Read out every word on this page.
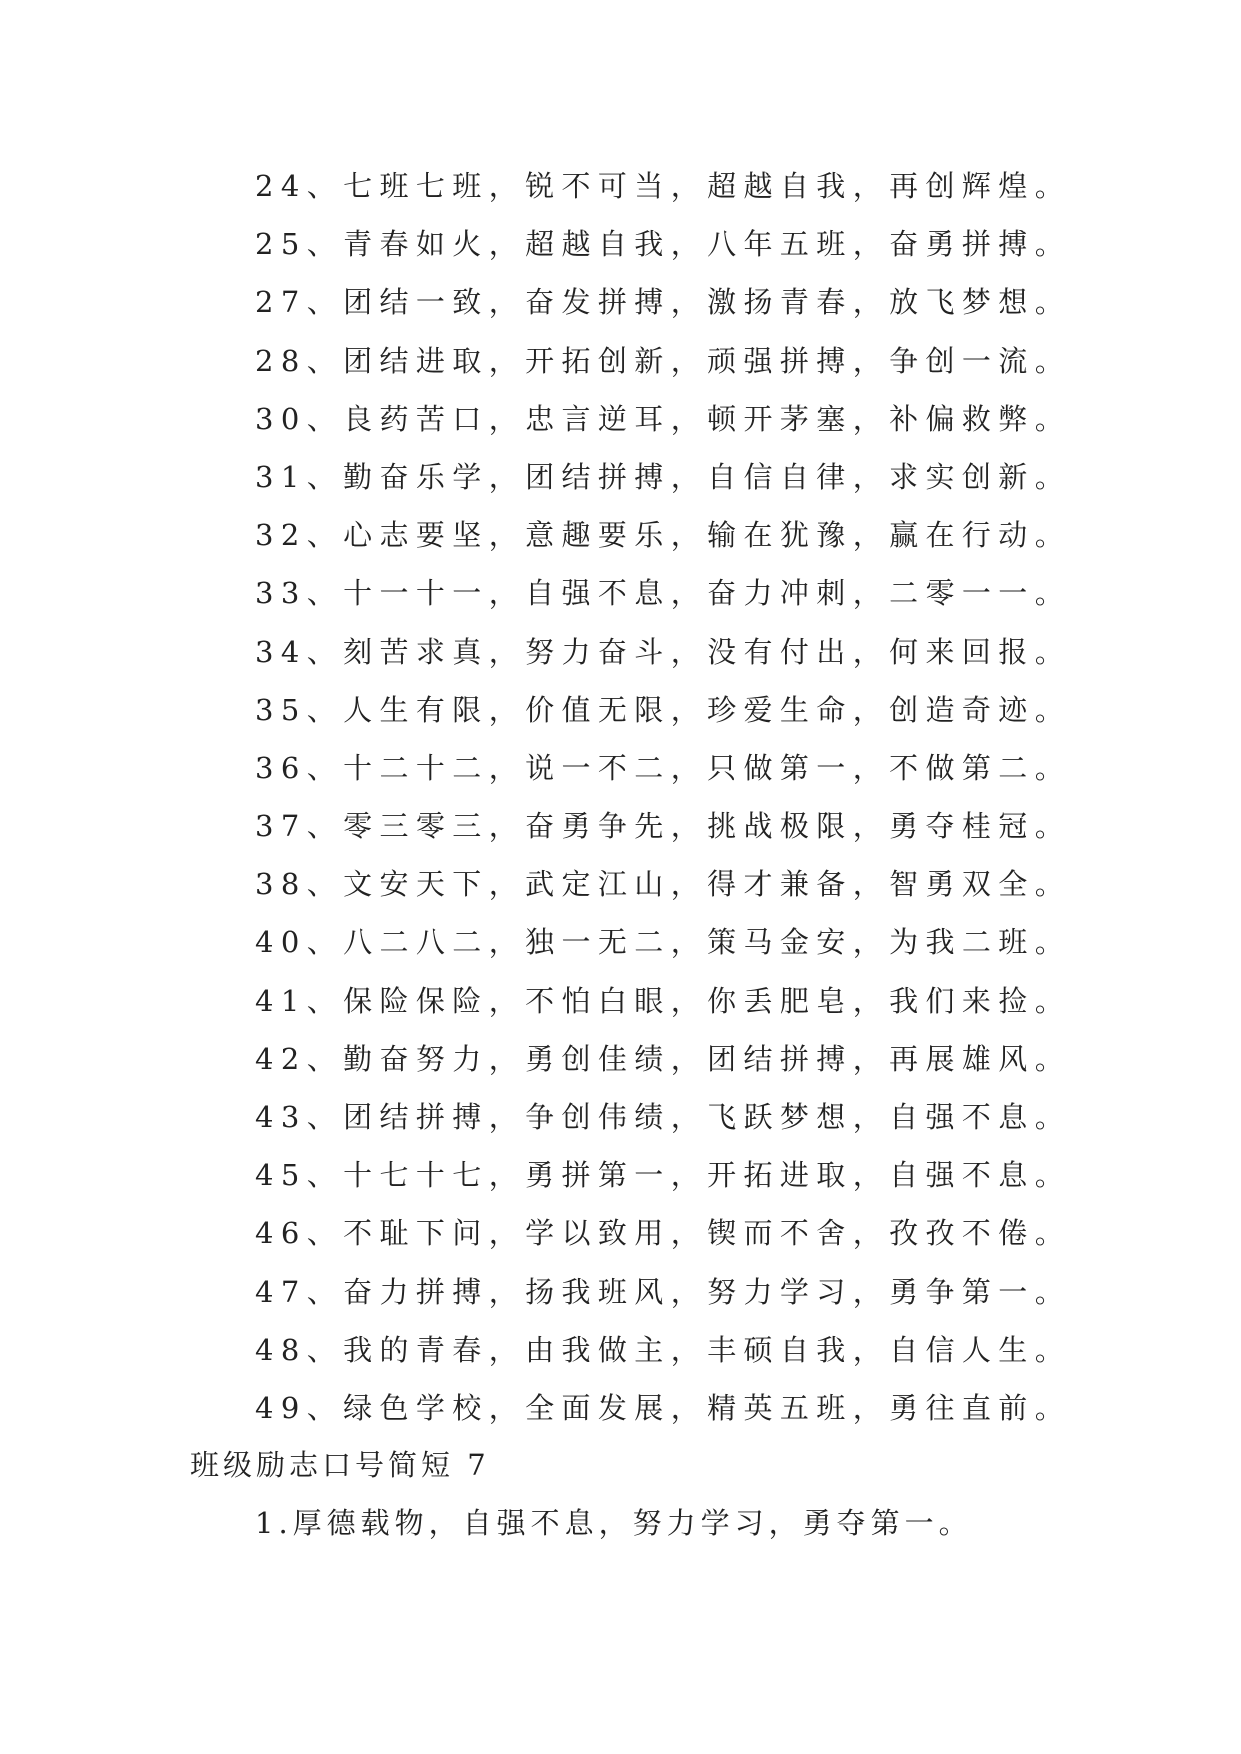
24、七班七班，锐不可当，超越自我，再创辉煌。
25、青春如火，超越自我，八年五班，奋勇拼搏。
27、团结一致，奋发拼搏，激扬青春，放飞梦想。
28、团结进取，开拓创新，顽强拼搏，争创一流。
30、良药苦口，忠言逆耳，顿开茅塞，补偏救弊。
31、勤奋乐学，团结拼搏，自信自律，求实创新。
32、心志要坚，意趣要乐，输在犹豫，赢在行动。
33、十一十一，自强不息，奋力冲刺，二零一一。
34、刻苦求真，努力奋斗，没有付出，何来回报。
35、人生有限，价值无限，珍爱生命，创造奇迹。
36、十二十二，说一不二，只做第一，不做第二。
37、零三零三，奋勇争先，挑战极限，勇夺桂冠。
38、文安天下，武定江山，得才兼备，智勇双全。
40、八二八二，独一无二，策马金安，为我二班。
41、保险保险，不怕白眼，你丢肥皂，我们来捡。
42、勤奋努力，勇创佳绩，团结拼搏，再展雄风。
43、团结拼搏，争创伟绩，飞跃梦想，自强不息。
45、十七十七，勇拼第一，开拓进取，自强不息。
46、不耻下问，学以致用，锲而不舍，孜孜不倦。
47、奋力拼搏，扬我班风，努力学习，勇争第一。
48、我的青春，由我做主，丰硕自我，自信人生。
49、绿色学校，全面发展，精英五班，勇往直前。
班级励志口号简短 7
1.厚德载物，自强不息，努力学习，勇夺第一。
